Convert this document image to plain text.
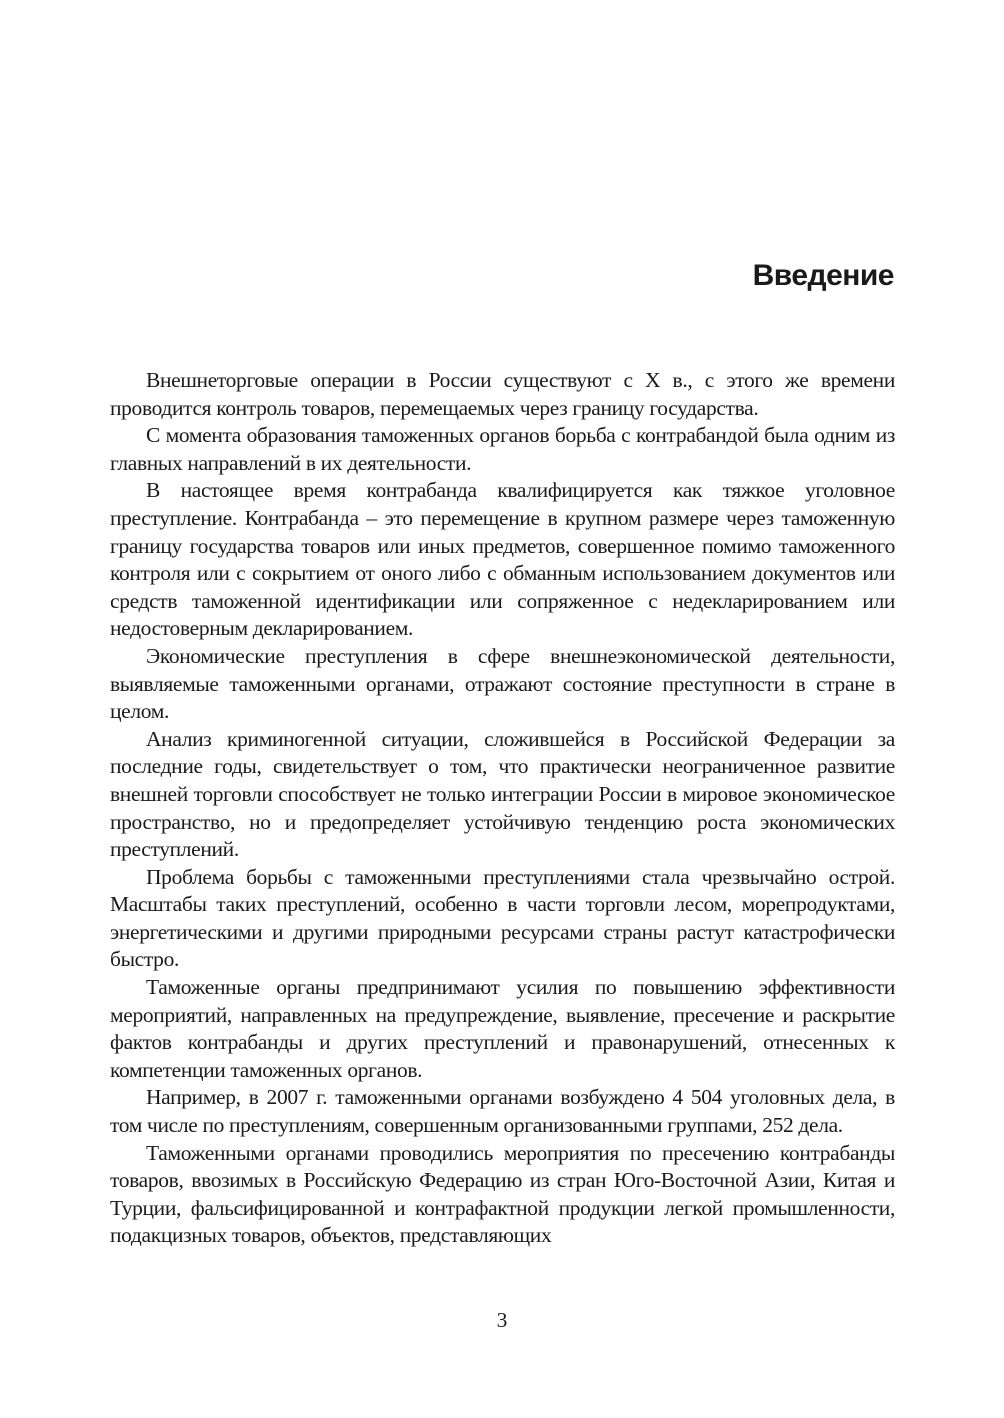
Введение

Внешнеторговые операции в России существуют с X в., с этого же времени проводится контроль товаров, перемещаемых через границу государства.

С момента образования таможенных органов борьба с контрабандой была одним из главных направлений в их деятельности.

В настоящее время контрабанда квалифицируется как тяжкое уголовное преступление. Контрабанда – это перемещение в крупном размере через таможенную границу государства товаров или иных предметов, совершенное помимо таможенного контроля или с сокрытием от оного либо с обманным использованием документов или средств таможенной идентификации или сопряженное с недекларированием или недостоверным декларированием.

Экономические преступления в сфере внешнеэкономической деятельности, выявляемые таможенными органами, отражают состояние преступности в стране в целом.

Анализ криминогенной ситуации, сложившейся в Российской Федерации за последние годы, свидетельствует о том, что практически неограниченное развитие внешней торговли способствует не только интеграции России в мировое экономическое пространство, но и предопределяет устойчивую тенденцию роста экономических преступлений.

Проблема борьбы с таможенными преступлениями стала чрезвычайно острой. Масштабы таких преступлений, особенно в части торговли лесом, морепродуктами, энергетическими и другими природными ресурсами страны растут катастрофически быстро.

Таможенные органы предпринимают усилия по повышению эффективности мероприятий, направленных на предупреждение, выявление, пресечение и раскрытие фактов контрабанды и других преступлений и правонарушений, отнесенных к компетенции таможенных органов.

Например, в 2007 г. таможенными органами возбуждено 4 504 уголовных дела, в том числе по преступлениям, совершенным организованными группами, 252 дела.

Таможенными органами проводились мероприятия по пресечению контрабанды товаров, ввозимых в Российскую Федерацию из стран Юго-Восточной Азии, Китая и Турции, фальсифицированной и контрафактной продукции легкой промышленности, подакцизных товаров, объектов, представляющих

3
